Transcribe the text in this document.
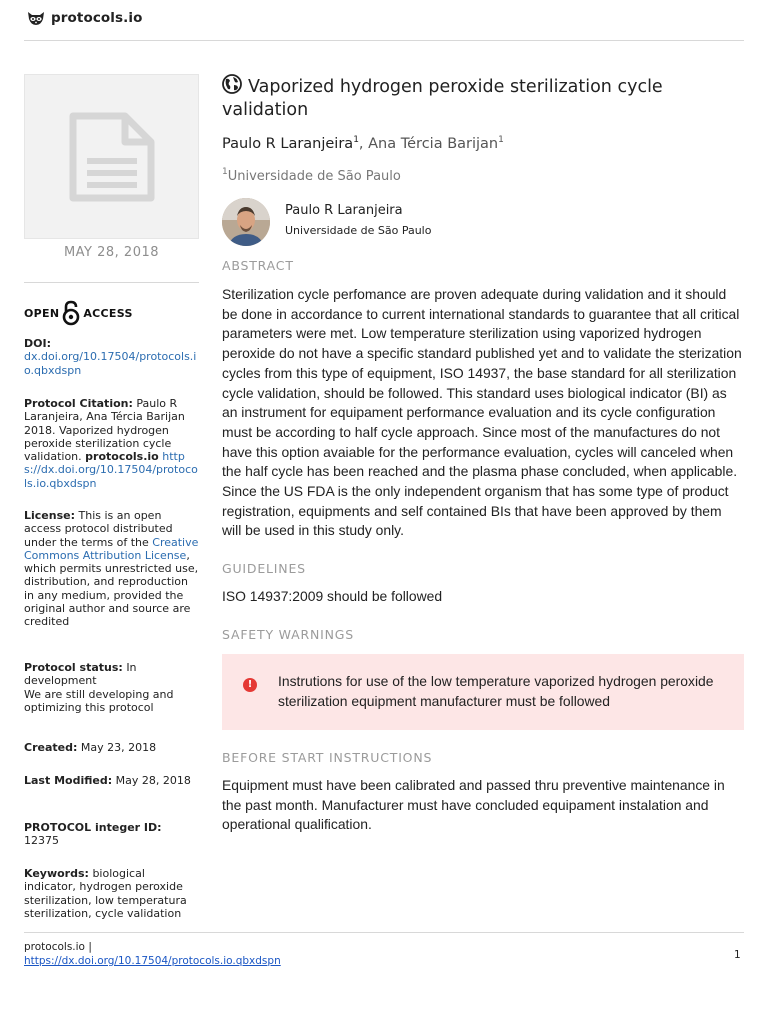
protocols.io
MAY 28, 2018
OPEN ACCESS
DOI:
dx.doi.org/10.17504/protocols.io.qbxdspn
Protocol Citation: Paulo R Laranjeira, Ana Tércia Barijan 2018. Vaporized hydrogen peroxide sterilization cycle validation. protocols.io https://dx.doi.org/10.17504/protocols.io.qbxdspn
License: This is an open access protocol distributed under the terms of the Creative Commons Attribution License, which permits unrestricted use, distribution, and reproduction in any medium, provided the original author and source are credited
Protocol status: In development
We are still developing and optimizing this protocol
Created: May 23, 2018
Last Modified: May 28, 2018
PROTOCOL integer ID:
12375
Keywords: biological indicator, hydrogen peroxide sterilization, low temperatura sterilization, cycle validation
Vaporized hydrogen peroxide sterilization cycle validation
Paulo R Laranjeira$^1$, Ana Tércia Barijan$^1$
$^1$Universidade de São Paulo
Paulo R Laranjeira
Universidade de São Paulo
ABSTRACT
Sterilization cycle perfomance are proven adequate during validation and it should be done in accordance to current international standards to guarantee that all critical parameters were met. Low temperature sterilization using vaporized hydrogen peroxide do not have a specific standard published yet and to validate the sterization cycles from this type of equipment, ISO 14937, the base standard for all sterilization cycle validation, should be followed. This standard uses biological indicator (BI) as an instrument for equipament performance evaluation and its cycle configuration must be according to half cycle approach. Since most of the manufactures do not have this option avaiable for the performance evaluation, cycles will canceled when the half cycle has been reached and the plasma phase concluded, when applicable. Since the US FDA is the only independent organism that has some type of product registration, equipments and self contained BIs that have been approved by them will be used in this study only.
GUIDELINES
ISO 14937:2009 should be followed
SAFETY WARNINGS
!	Instrutions for use of the low temperature vaporized hydrogen peroxide sterilization equipment manufacturer must be followed
BEFORE START INSTRUCTIONS
Equipment must have been calibrated and passed thru preventive maintenance in the past month. Manufacturer must have concluded equipament instalation and operational qualification.
protocols.io |
https://dx.doi.org/10.17504/protocols.io.qbxdspn	1
